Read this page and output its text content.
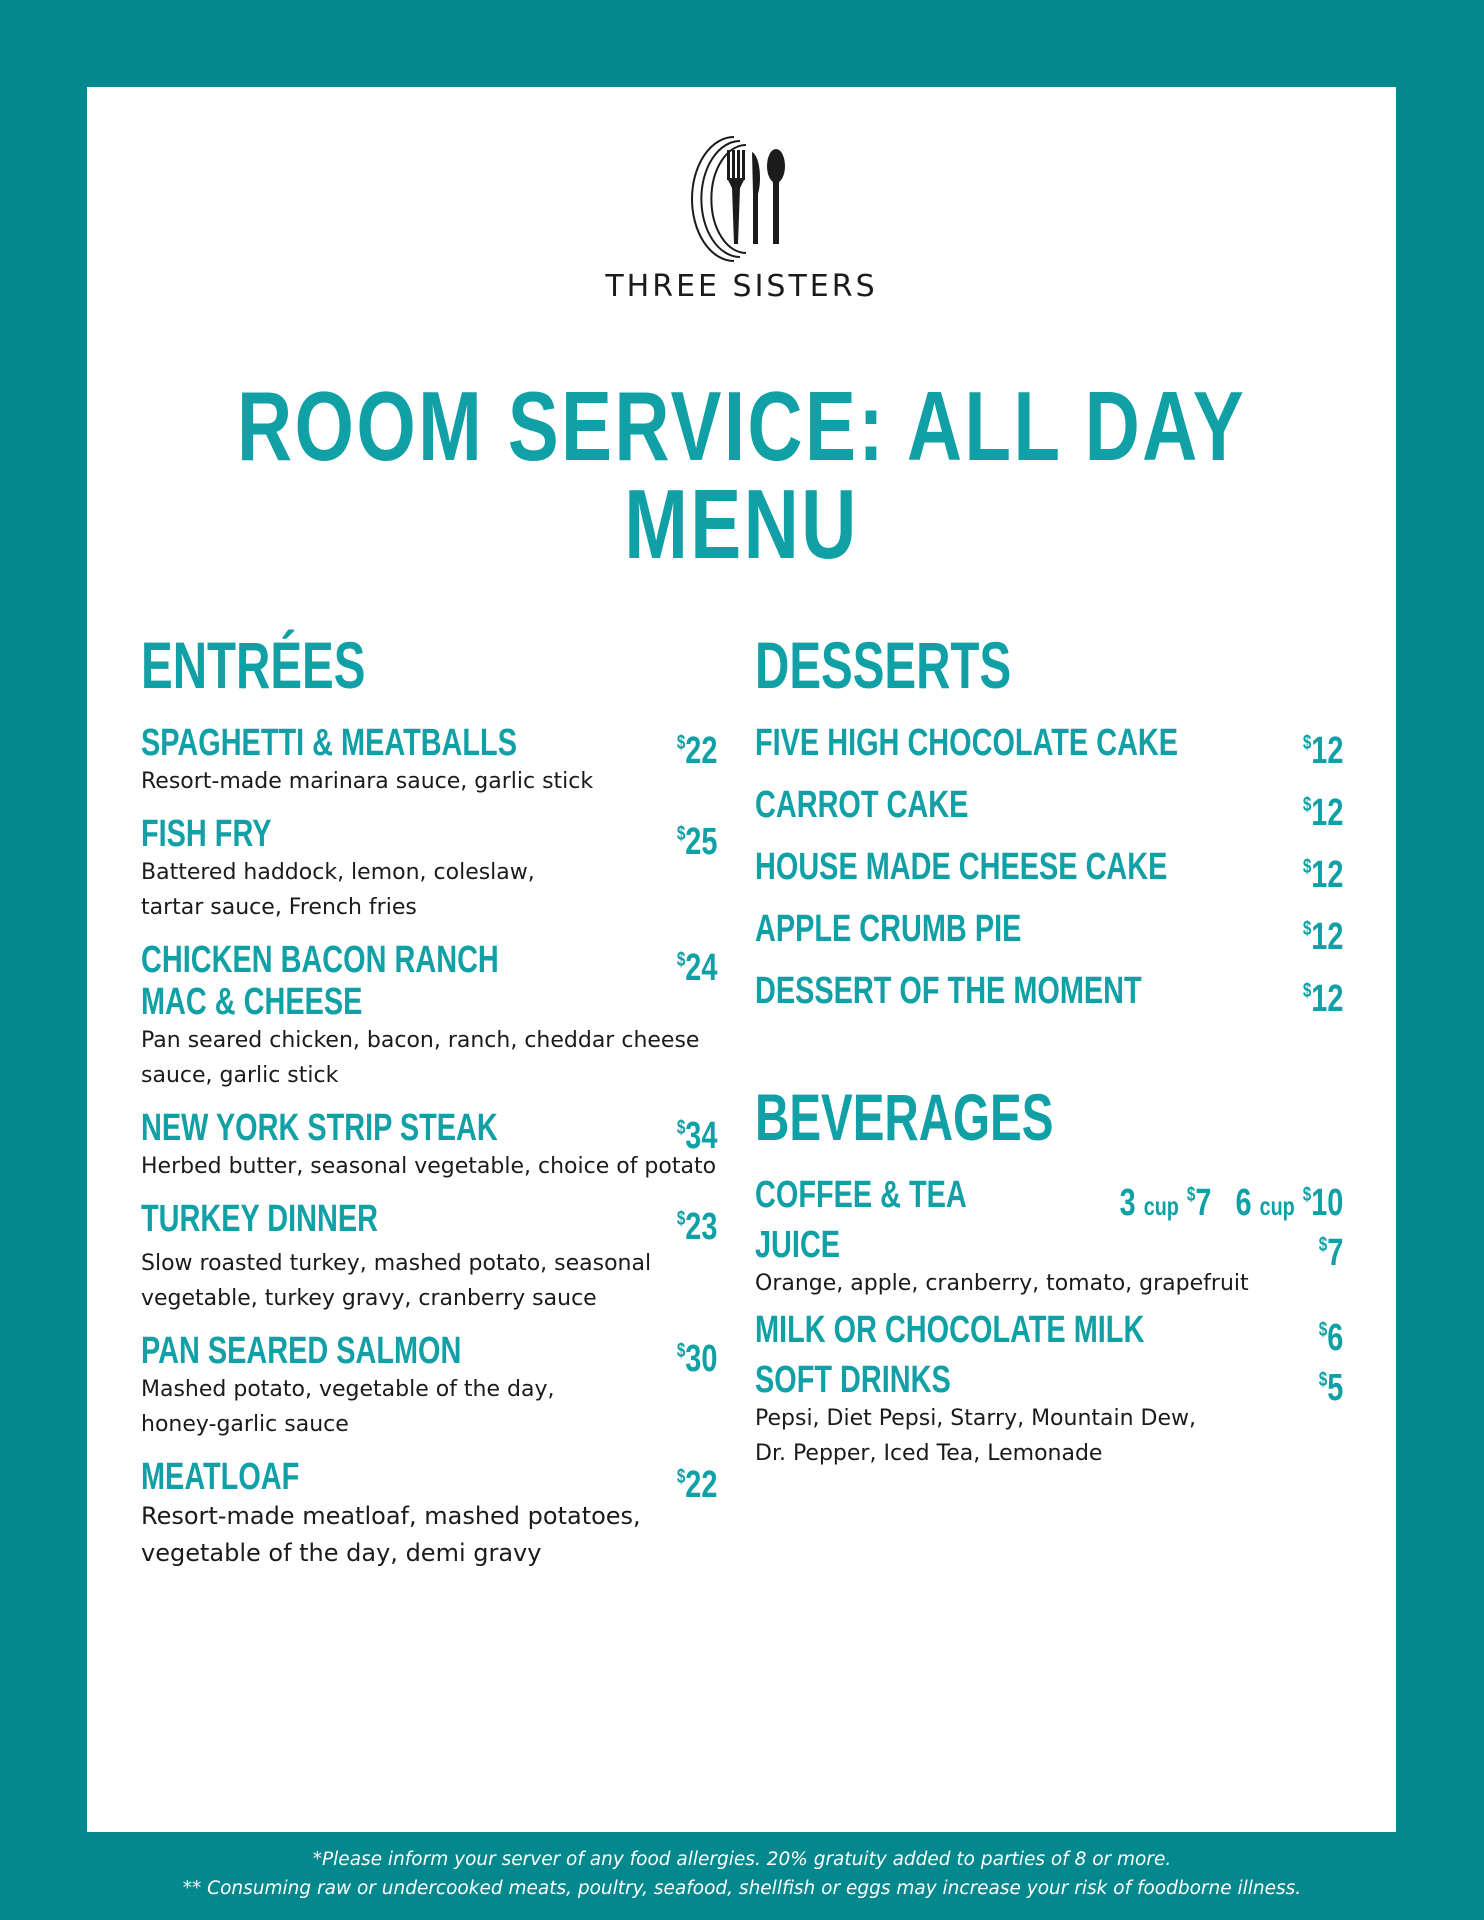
THREE SISTERS
ROOM SERVICE: ALL DAY MENU
ENTRÉES
SPAGHETTI & MEATBALLS	$22
Resort-made marinara sauce, garlic stick
FISH FRY	$25
Battered haddock, lemon, coleslaw,
tartar sauce, French fries
CHICKEN BACON RANCH
MAC & CHEESE
$24
Pan seared chicken, bacon, ranch, cheddar cheese
sauce, garlic stick
NEW YORK STRIP STEAK	$34
Herbed butter, seasonal vegetable, choice of potato
TURKEY DINNER	$23
Slow roasted turkey, mashed potato, seasonal
vegetable, turkey gravy, cranberry sauce
PAN SEARED SALMON	$30
Mashed potato, vegetable of the day,
honey-garlic sauce
MEATLOAF	$22
Resort-made meatloaf, mashed potatoes,
vegetable of the day, demi gravy
DESSERTS
FIVE HIGH CHOCOLATE CAKE	$12
CARROT CAKE	$12
HOUSE MADE CHEESE CAKE	$12
APPLE CRUMB PIE	$12
DESSERT OF THE MOMENT	$12
BEVERAGES
COFFEE & TEA	3 cup $7 6 cup $10
JUICE	$7
Orange, apple, cranberry, tomato, grapefruit
MILK OR CHOCOLATE MILK	$6
SOFT DRINKS	$5
Pepsi, Diet Pepsi, Starry, Mountain Dew,
Dr. Pepper, Iced Tea, Lemonade
*Please inform your server of any food allergies. 20% gratuity added to parties of 8 or more.
** Consuming raw or undercooked meats, poultry, seafood, shellfish or eggs may increase your risk of foodborne illness.
